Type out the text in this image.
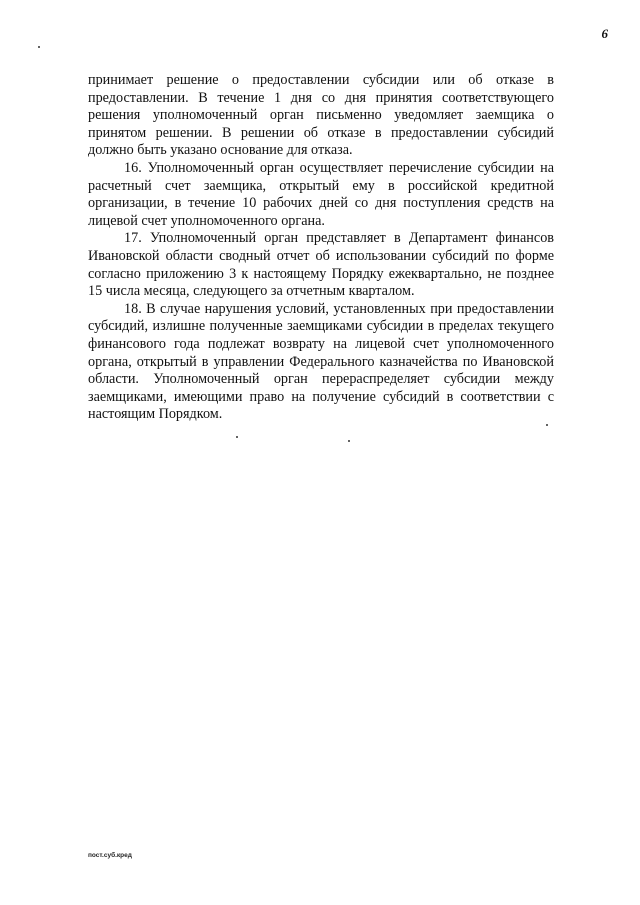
6

принимает решение о предоставлении субсидии или об отказе в предоставлении. В течение 1 дня со дня принятия соответствующего решения уполномоченный орган письменно уведомляет заемщика о принятом решении. В решении об отказе в предоставлении субсидий должно быть указано основание для отказа.

16. Уполномоченный орган осуществляет перечисление субсидии на расчетный счет заемщика, открытый ему в российской кредитной организации, в течение 10 рабочих дней со дня поступления средств на лицевой счет уполномоченного органа.

17. Уполномоченный орган представляет в Департамент финансов Ивановской области сводный отчет об использовании субсидий по форме согласно приложению 3 к настоящему Порядку ежеквартально, не позднее 15 числа месяца, следующего за отчетным кварталом.

18. В случае нарушения условий, установленных при предоставлении субсидий, излишне полученные заемщиками субсидии в пределах текущего финансового года подлежат возврату на лицевой счет уполномоченного органа, открытый в управлении Федерального казначейства по Ивановской области. Уполномоченный орган перераспределяет субсидии между заемщиками, имеющими право на получение субсидий в соответствии с настоящим Порядком.

пост.суб.кред
